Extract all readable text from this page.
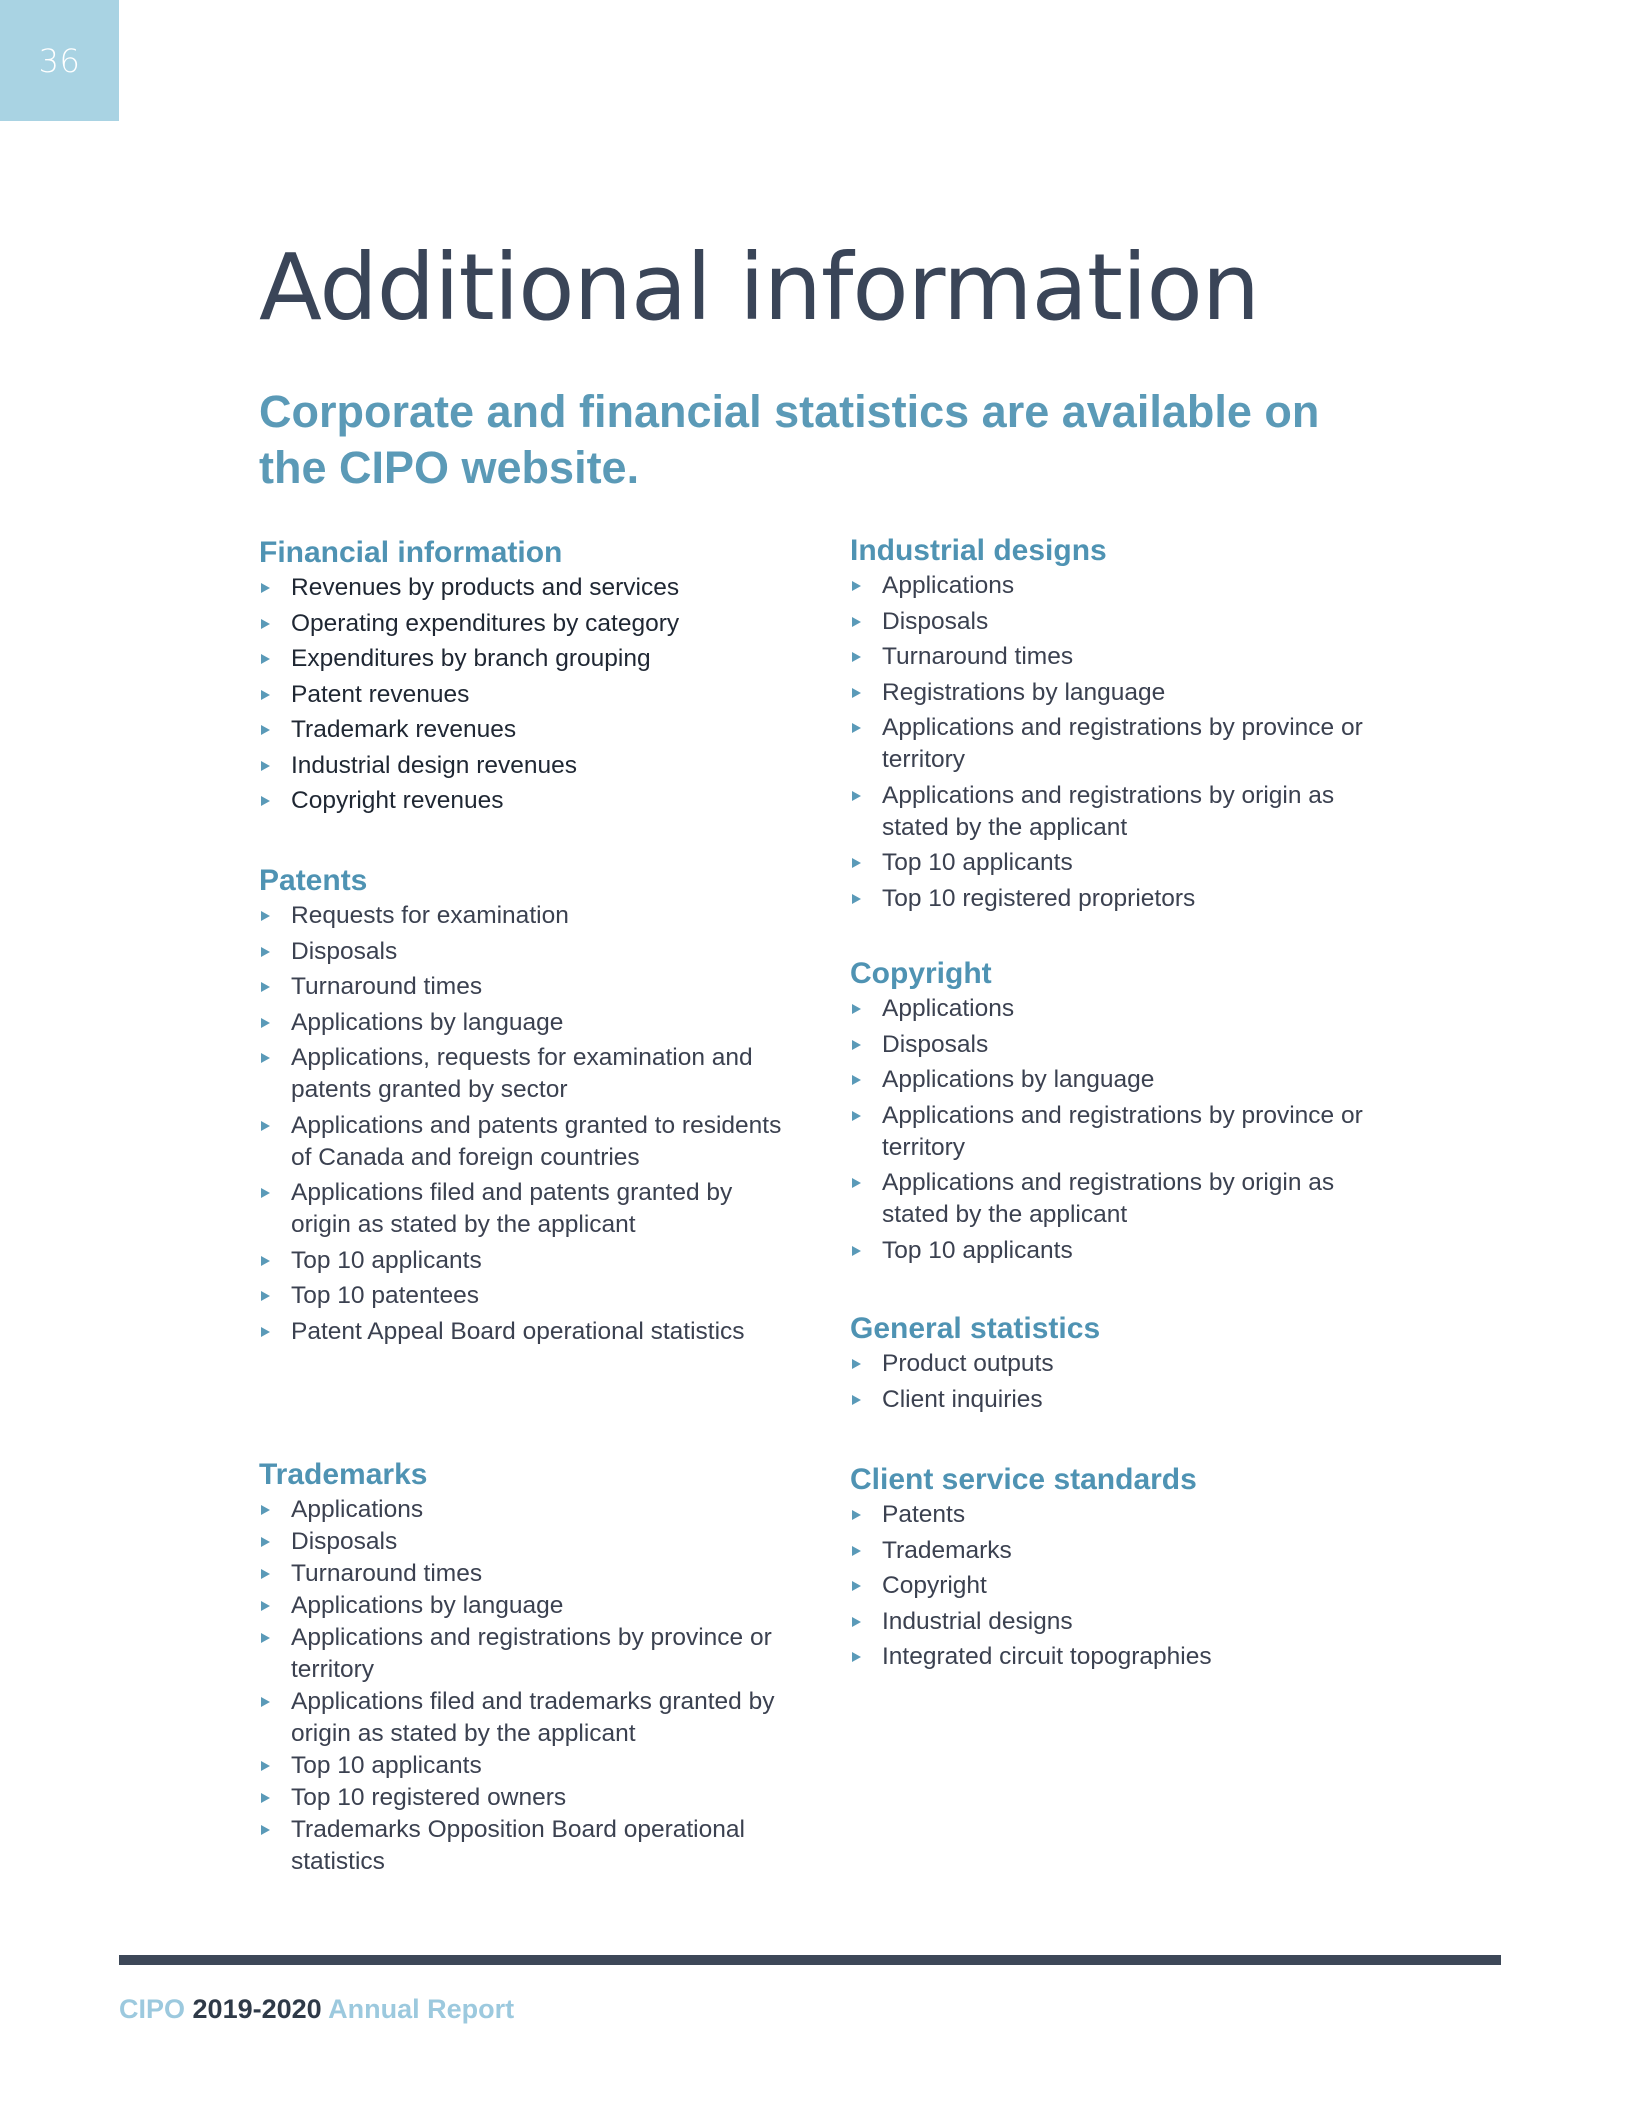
36
Additional information
Corporate and financial statistics are available on the CIPO website.
Financial information
Revenues by products and services
Operating expenditures by category
Expenditures by branch grouping
Patent revenues
Trademark revenues
Industrial design revenues
Copyright revenues
Patents
Requests for examination
Disposals
Turnaround times
Applications by language
Applications, requests for examination and patents granted by sector
Applications and patents granted to residents of Canada and foreign countries
Applications filed and patents granted by origin as stated by the applicant
Top 10 applicants
Top 10 patentees
Patent Appeal Board operational statistics
Trademarks
Applications
Disposals
Turnaround times
Applications by language
Applications and registrations by province or territory
Applications filed and trademarks granted by origin as stated by the applicant
Top 10 applicants
Top 10 registered owners
Trademarks Opposition Board operational statistics
Industrial designs
Applications
Disposals
Turnaround times
Registrations by language
Applications and registrations by province or territory
Applications and registrations by origin as stated by the applicant
Top 10 applicants
Top 10 registered proprietors
Copyright
Applications
Disposals
Applications by language
Applications and registrations by province or territory
Applications and registrations by origin as stated by the applicant
Top 10 applicants
General statistics
Product outputs
Client inquiries
Client service standards
Patents
Trademarks
Copyright
Industrial designs
Integrated circuit topographies
CIPO 2019-2020 Annual Report
